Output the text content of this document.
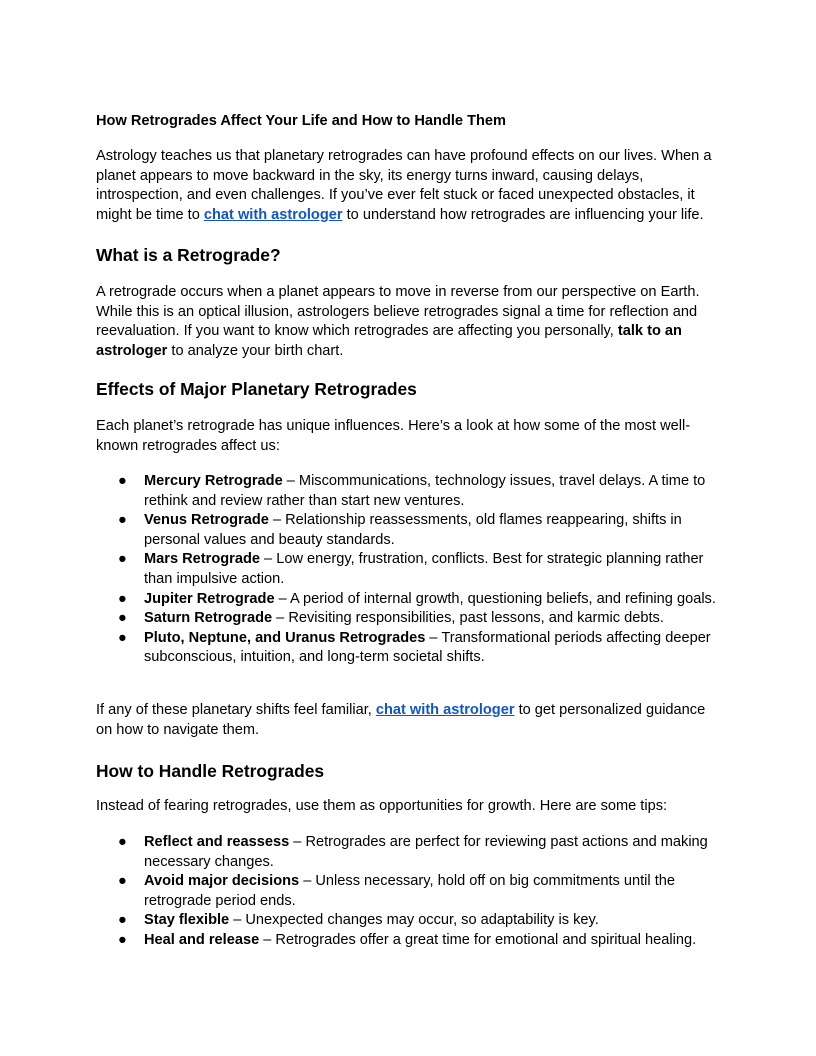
How Retrogrades Affect Your Life and How to Handle Them

Astrology teaches us that planetary retrogrades can have profound effects on our lives. When a planet appears to move backward in the sky, its energy turns inward, causing delays, introspection, and even challenges. If you’ve ever felt stuck or faced unexpected obstacles, it might be time to chat with astrologer to understand how retrogrades are influencing your life.

What is a Retrograde?

A retrograde occurs when a planet appears to move in reverse from our perspective on Earth. While this is an optical illusion, astrologers believe retrogrades signal a time for reflection and reevaluation. If you want to know which retrogrades are affecting you personally, talk to an astrologer to analyze your birth chart.

Effects of Major Planetary Retrogrades

Each planet’s retrograde has unique influences. Here’s a look at how some of the most well-known retrogrades affect us:

● Mercury Retrograde – Miscommunications, technology issues, travel delays. A time to rethink and review rather than start new ventures.
● Venus Retrograde – Relationship reassessments, old flames reappearing, shifts in personal values and beauty standards.
● Mars Retrograde – Low energy, frustration, conflicts. Best for strategic planning rather than impulsive action.
● Jupiter Retrograde – A period of internal growth, questioning beliefs, and refining goals.
● Saturn Retrograde – Revisiting responsibilities, past lessons, and karmic debts.
● Pluto, Neptune, and Uranus Retrogrades – Transformational periods affecting deeper subconscious, intuition, and long-term societal shifts.

If any of these planetary shifts feel familiar, chat with astrologer to get personalized guidance on how to navigate them.

How to Handle Retrogrades

Instead of fearing retrogrades, use them as opportunities for growth. Here are some tips:

● Reflect and reassess – Retrogrades are perfect for reviewing past actions and making necessary changes.
● Avoid major decisions – Unless necessary, hold off on big commitments until the retrograde period ends.
● Stay flexible – Unexpected changes may occur, so adaptability is key.
● Heal and release – Retrogrades offer a great time for emotional and spiritual healing.
